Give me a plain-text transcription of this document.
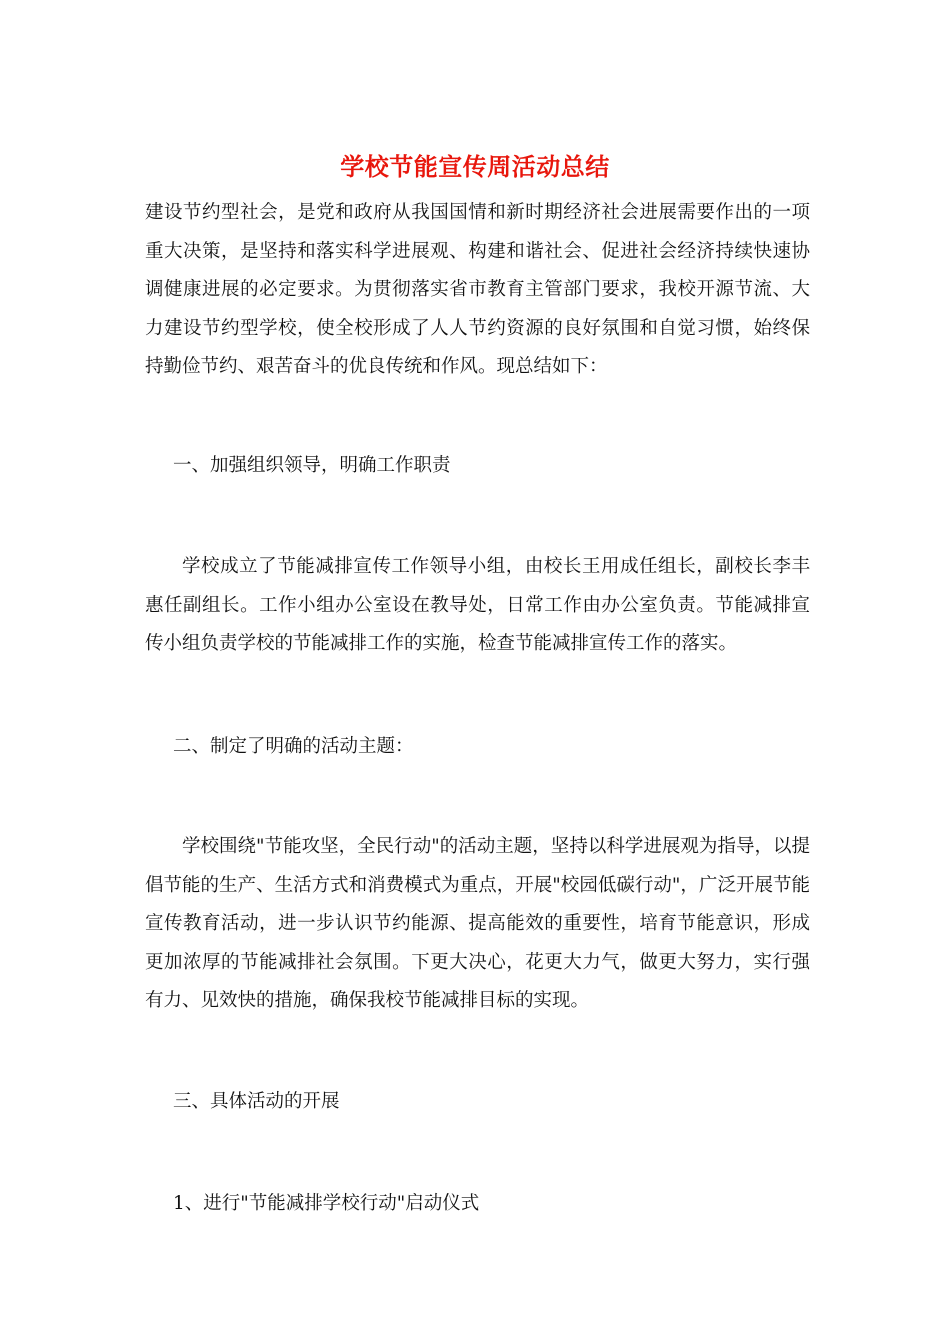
学校节能宣传周活动总结

建设节约型社会，是党和政府从我国国情和新时期经济社会进展需要作出的一项重大决策，是坚持和落实科学进展观、构建和谐社会、促进社会经济持续快速协调健康进展的必定要求。为贯彻落实省市教育主管部门要求，我校开源节流、大力建设节约型学校，使全校形成了人人节约资源的良好氛围和自觉习惯，始终保持勤俭节约、艰苦奋斗的优良传统和作风。现总结如下：

一、加强组织领导，明确工作职责

学校成立了节能减排宣传工作领导小组，由校长王用成任组长，副校长李丰惠任副组长。工作小组办公室设在教导处，日常工作由办公室负责。节能减排宣传小组负责学校的节能减排工作的实施，检查节能减排宣传工作的落实。

二、制定了明确的活动主题：

学校围绕"节能攻坚，全民行动"的活动主题，坚持以科学进展观为指导，以提倡节能的生产、生活方式和消费模式为重点，开展"校园低碳行动"，广泛开展节能宣传教育活动，进一步认识节约能源、提高能效的重要性，培育节能意识，形成更加浓厚的节能减排社会氛围。下更大决心，花更大力气，做更大努力，实行强有力、见效快的措施，确保我校节能减排目标的实现。

三、具体活动的开展

1、进行"节能减排学校行动"启动仪式
